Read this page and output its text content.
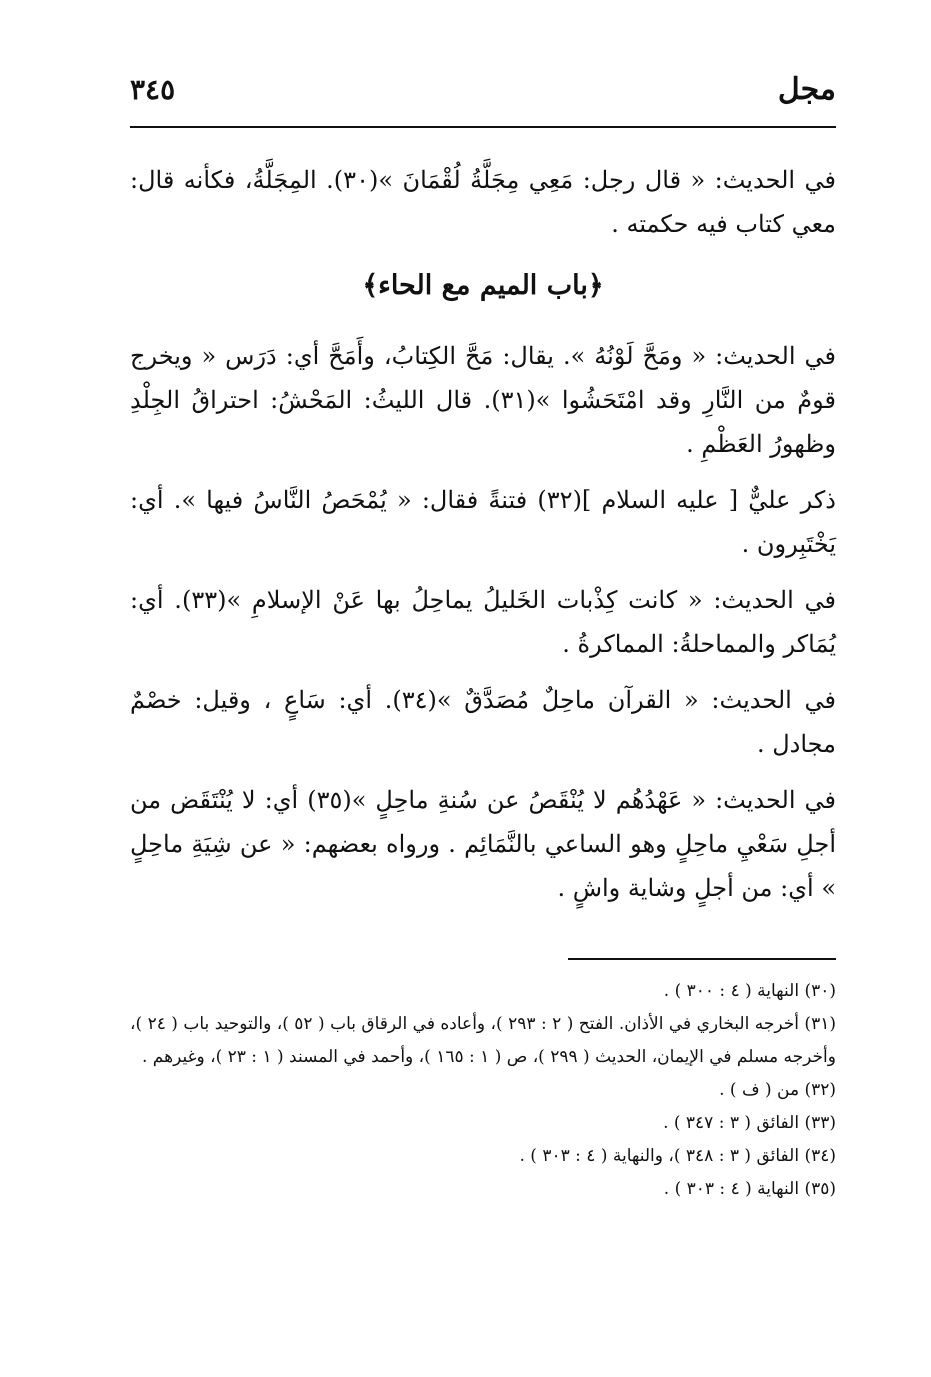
مجل
٣٤٥

في الحديث: « قال رجل: مَعِي مِجَلَّةُ لُقْمَانَ »(٣٠). المِجَلَّةُ، فكأنه قال: معي كتاب فيه حكمته .

﴿باب الميم مع الحاء﴾

في الحديث: « ومَحَّ لَوْنُهُ ». يقال: مَحَّ الكِتابُ، وأَمَحَّ أي: دَرَس « ويخرج قومٌ من النَّارِ وقد امْتَحَشُوا »(٣١). قال الليثُ: المَحْشُ: احتراقُ الجِلْدِ وظهورُ العَظْمِ .

ذكر عليٌّ [ عليه السلام ](٣٢) فتنةً فقال: « يُمْحَصُ النَّاسُ فيها ». أي: يَخْتَبِرون .

في الحديث: « كانت كِذْبات الخَليلُ يماحِلُ بها عَنْ الإسلامِ »(٣٣). أي: يُمَاكر والمماحلةُ: المماكرةُ .

في الحديث: « القرآن ماحِلٌ مُصَدَّقٌ »(٣٤). أي: سَاعٍ ، وقيل: خصْمٌ مجادل .

في الحديث: « عَهْدُهُم لا يُنْقَصُ عن سُنةِ ماحِلٍ »(٣٥) أي: لا يُنْتَقَض من أجلِ سَعْيِ ماحِلٍ وهو الساعي بالنَّمَائِم . ورواه بعضهم: « عن شِيَةِ ماحِلٍ » أي: من أجلٍ وشاية واشٍ .

(٣٠) النهاية ( ٤ : ٣٠٠ ) .

(٣١) أخرجه البخاري في الأذان. الفتح ( ٢ : ٢٩٣ )، وأعاده في الرقاق باب ( ٥٢ )، والتوحيد باب ( ٢٤ )، وأخرجه مسلم في الإيمان، الحديث ( ٢٩٩ )، ص ( ١ : ١٦٥ )، وأحمد في المسند ( ١ : ٢٣ )، وغيرهم .

(٣٢) من ( ف ) .

(٣٣) الفائق ( ٣ : ٣٤٧ ) .

(٣٤) الفائق ( ٣ : ٣٤٨ )، والنهاية ( ٤ : ٣٠٣ ) .

(٣٥) النهاية ( ٤ : ٣٠٣ ) .
